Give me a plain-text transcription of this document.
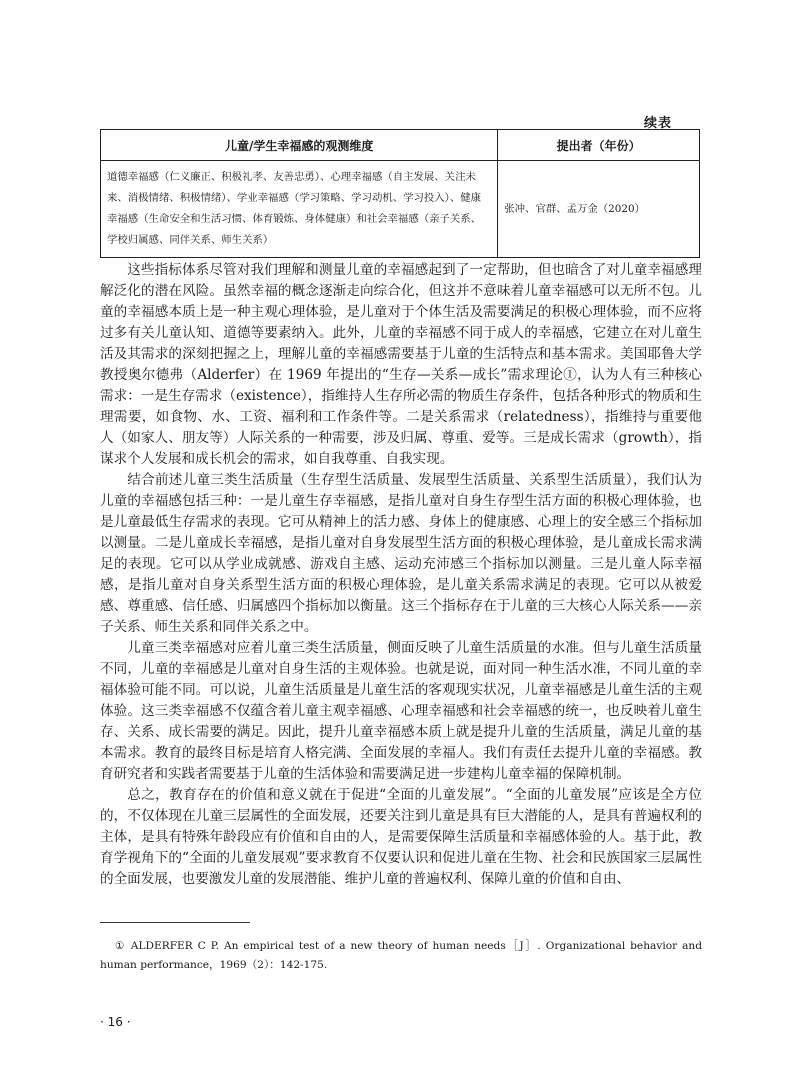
续表
儿童/学生幸福感的观测维度	提出者（年份）
道德幸福感（仁义廉正、积极礼孝、友善忠勇）、心理幸福感（自主发展、关注未来、消极情绪、积极情绪）、学业幸福感（学习策略、学习动机、学习投入）、健康幸福感（生命安全和生活习惯、体育锻炼、身体健康）和社会幸福感（亲子关系、学校归属感、同伴关系、师生关系）	张冲、官群、孟万金（2020）

这些指标体系尽管对我们理解和测量儿童的幸福感起到了一定帮助，但也暗含了对儿童幸福感理解泛化的潜在风险。虽然幸福的概念逐渐走向综合化，但这并不意味着儿童幸福感可以无所不包。儿童的幸福感本质上是一种主观心理体验，是儿童对于个体生活及需要满足的积极心理体验，而不应将过多有关儿童认知、道德等要素纳入。此外，儿童的幸福感不同于成人的幸福感，它建立在对儿童生活及其需求的深刻把握之上，理解儿童的幸福感需要基于儿童的生活特点和基本需求。美国耶鲁大学教授奥尔德弗（Alderfer）在 1969 年提出的“生存—关系—成长”需求理论①，认为人有三种核心需求：一是生存需求（existence），指维持人生存所必需的物质生存条件，包括各种形式的物质和生理需要，如食物、水、工资、福利和工作条件等。二是关系需求（relatedness），指维持与重要他人（如家人、朋友等）人际关系的一种需要，涉及归属、尊重、爱等。三是成长需求（growth），指谋求个人发展和成长机会的需求，如自我尊重、自我实现。

结合前述儿童三类生活质量（生存型生活质量、发展型生活质量、关系型生活质量），我们认为儿童的幸福感包括三种：一是儿童生存幸福感，是指儿童对自身生存型生活方面的积极心理体验，也是儿童最低生存需求的表现。它可从精神上的活力感、身体上的健康感、心理上的安全感三个指标加以测量。二是儿童成长幸福感，是指儿童对自身发展型生活方面的积极心理体验，是儿童成长需求满足的表现。它可以从学业成就感、游戏自主感、运动充沛感三个指标加以测量。三是儿童人际幸福感，是指儿童对自身关系型生活方面的积极心理体验，是儿童关系需求满足的表现。它可以从被爱感、尊重感、信任感、归属感四个指标加以衡量。这三个指标存在于儿童的三大核心人际关系——亲子关系、师生关系和同伴关系之中。

儿童三类幸福感对应着儿童三类生活质量，侧面反映了儿童生活质量的水准。但与儿童生活质量不同，儿童的幸福感是儿童对自身生活的主观体验。也就是说，面对同一种生活水准，不同儿童的幸福体验可能不同。可以说，儿童生活质量是儿童生活的客观现实状况，儿童幸福感是儿童生活的主观体验。这三类幸福感不仅蕴含着儿童主观幸福感、心理幸福感和社会幸福感的统一，也反映着儿童生存、关系、成长需要的满足。因此，提升儿童幸福感本质上就是提升儿童的生活质量，满足儿童的基本需求。教育的最终目标是培育人格完满、全面发展的幸福人。我们有责任去提升儿童的幸福感。教育研究者和实践者需要基于儿童的生活体验和需要满足进一步建构儿童幸福的保障机制。

总之，教育存在的价值和意义就在于促进“全面的儿童发展”。“全面的儿童发展”应该是全方位的，不仅体现在儿童三层属性的全面发展，还要关注到儿童是具有巨大潜能的人，是具有普遍权利的主体，是具有特殊年龄段应有价值和自由的人，是需要保障生活质量和幸福感体验的人。基于此，教育学视角下的“全面的儿童发展观”要求教育不仅要认识和促进儿童在生物、社会和民族国家三层属性的全面发展，也要激发儿童的发展潜能、维护儿童的普遍权利、保障儿童的价值和自由、

① ALDERFER C P. An empirical test of a new theory of human needs［J］. Organizational behavior and human performance，1969（2）：142-175.
· 16 ·
